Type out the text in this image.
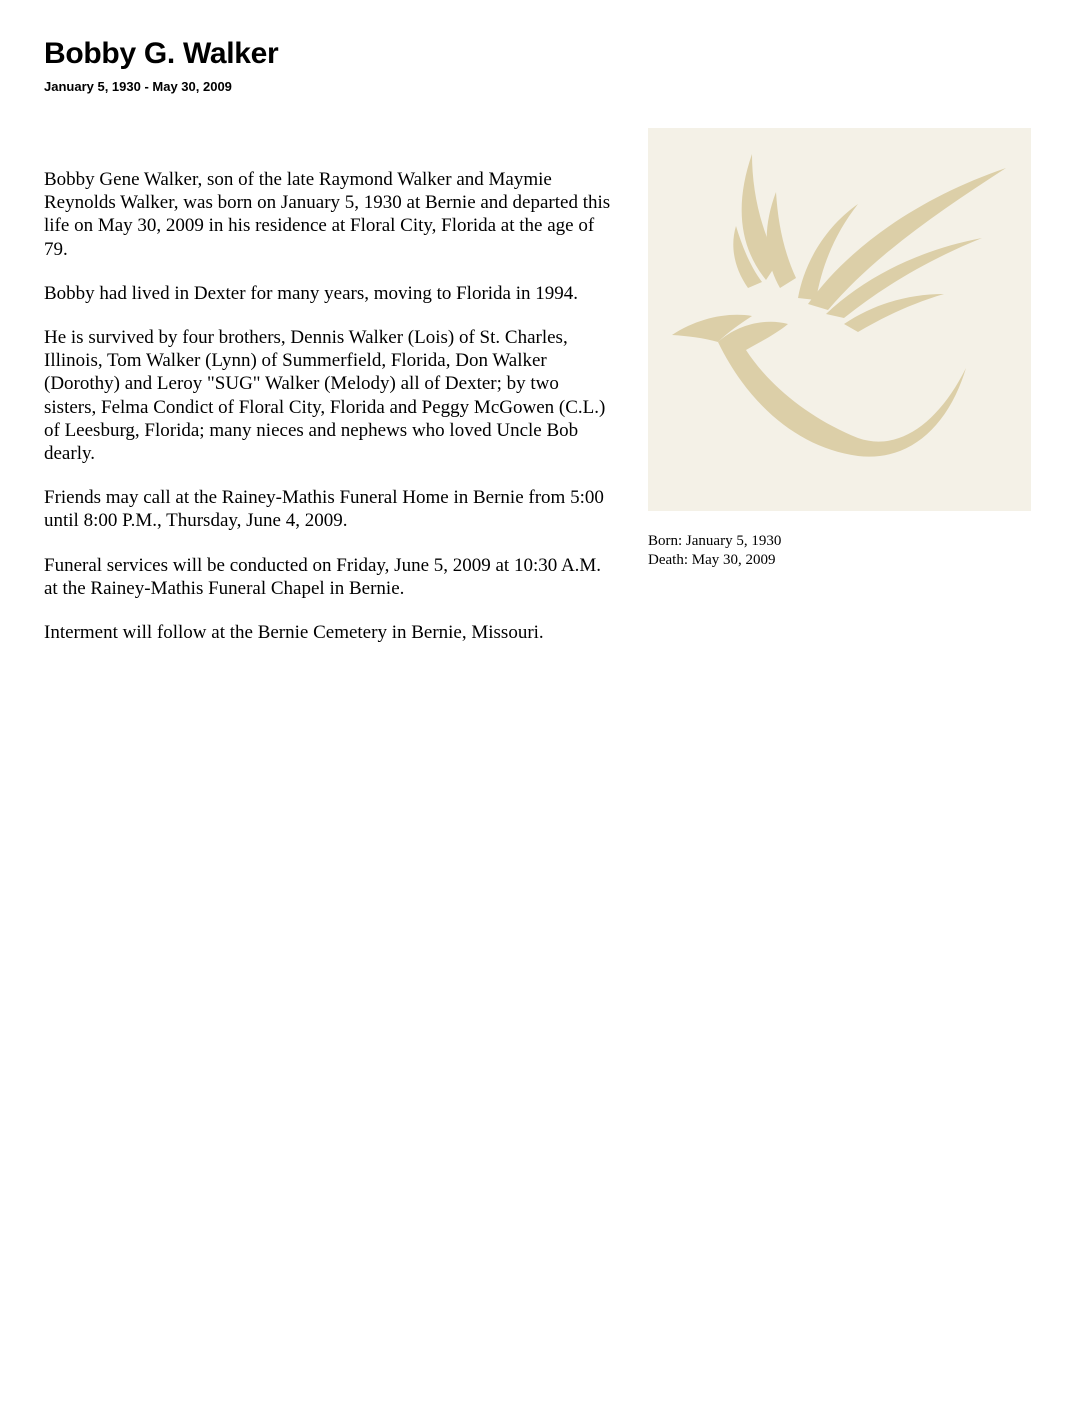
Bobby G. Walker
January 5, 1930 - May 30, 2009

Bobby Gene Walker, son of the late Raymond Walker and Maymie Reynolds Walker, was born on January 5, 1930 at Bernie and departed this life on May 30, 2009 in his residence at Floral City, Florida at the age of 79.

Bobby had lived in Dexter for many years, moving to Florida in 1994.

He is survived by four brothers, Dennis Walker (Lois) of St. Charles, Illinois, Tom Walker (Lynn) of Summerfield, Florida, Don Walker (Dorothy) and Leroy "SUG" Walker (Melody) all of Dexter; by two sisters, Felma Condict of Floral City, Florida and Peggy McGowen (C.L.) of Leesburg, Florida; many nieces and nephews who loved Uncle Bob dearly.

Friends may call at the Rainey-Mathis Funeral Home in Bernie from 5:00 until 8:00 P.M., Thursday, June 4, 2009.

Funeral services will be conducted on Friday, June 5, 2009 at 10:30 A.M. at the Rainey-Mathis Funeral Chapel in Bernie.

Interment will follow at the Bernie Cemetery in Bernie, Missouri.

Born: January 5, 1930
Death: May 30, 2009
